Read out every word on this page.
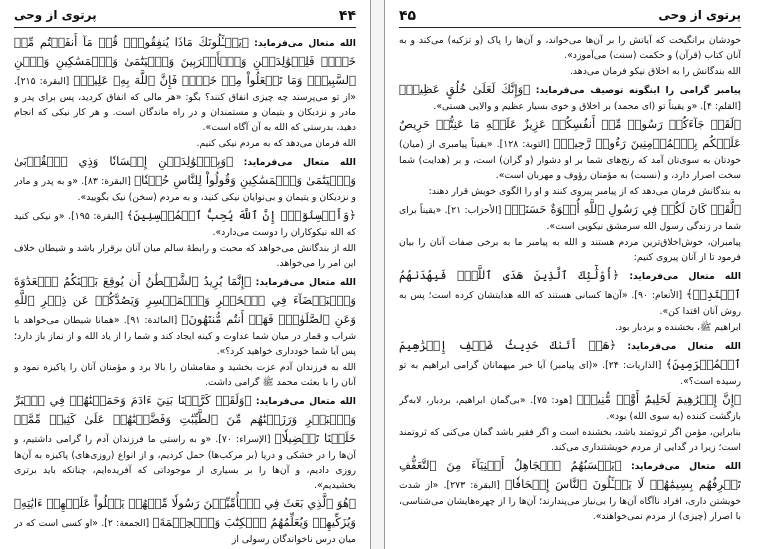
پرتوی از وحی	۴۴

الله متعال می‌فرماید: ﴿يَسۡـَٔلُونَكَ مَاذَا يُنفِقُونَۖ قُلۡ مَآ أَنفَقۡتُم مِّنۡ خَيۡرٖ فَلِلۡوَٰلِدَيۡنِ وَٱلۡأَقۡرَبِينَ وَٱلۡيَتَٰمَىٰ وَٱلۡمَسَٰكِينِ وَٱبۡنِ ٱلسَّبِيلِۗ وَمَا تَفۡعَلُواْ مِنۡ خَيۡرٖ فَإِنَّ ٱللَّهَ بِهِۦ عَلِيمٞ﴾ [البقرة: ۲۱۵]. «از تو می‌پرسند چه چیزی انفاق کنند؟ بگو: «هر مالی که انفاق کردید، پس برای پدر و مادر و نزدیکان و یتیمان و مستمندان و در راه ماندگان است. و هر کار نیکی که انجام دهید، بدرستی که الله به آن آگاه است».

الله فرمان می‌دهد که به مردم نیکی کنیم.

الله متعال می‌فرماید: ﴿وَبِٱلۡوَٰلِدَيۡنِ إِحۡسَانٗا وَذِي ٱلۡقُرۡبَىٰ وَٱلۡيَتَٰمَىٰ وَٱلۡمَسَٰكِينِ وَقُولُواْ لِلنَّاسِ حُسۡنٗا﴾ [البقرة: ۸۳]. «و به پدر و مادر و نزدیکان و یتیمان و بی‌نوایان نیکی کنید، و به مردم (سخن) نیک بگویید».

﴿وَأَحۡسِنُوٓاْۚ إِنَّ ٱللَّهَ يُحِبُّ ٱلۡمُحۡسِنِينَ﴾ [البقرة: ۱۹۵]. «و نیکی کنید که الله نیکوکاران را دوست می‌دارد».

الله از بندگانش می‌خواهد که محبت و رابطهٔ سالم میان آنان برقرار باشد و شیطان خلاف این امر را می‌خواهد.

الله متعال می‌فرماید: ﴿إِنَّمَا يُرِيدُ ٱلشَّيۡطَٰنُ أَن يُوقِعَ بَيۡنَكُمُ ٱلۡعَدَٰوَةَ وَٱلۡبَغۡضَآءَ فِي ٱلۡخَمۡرِ وَٱلۡمَيۡسِرِ وَيَصُدَّكُمۡ عَن ذِكۡرِ ٱللَّهِ وَعَنِ ٱلصَّلَوٰةِۖ فَهَلۡ أَنتُم مُّنتَهُونَ﴾ [المائدة: ۹۱]. «همانا شیطان می‌خواهد با شراب و قمار در میان شما عداوت و کینه ایجاد کند و شما را از یاد الله و از نماز باز دارد؛ پس آیا شما خودداری خواهید کرد؟».

الله به فرزندان آدم عزت بخشید و مقامشان را بالا برد و مؤمنان آنان را پاکیزه نمود و آنان را با بعثت محمد ﷺ گرامی داشت.

الله متعال می‌فرماید: ﴿وَلَقَدۡ كَرَّمۡنَا بَنِيٓ ءَادَمَ وَحَمَلۡنَٰهُمۡ فِي ٱلۡبَرِّ وَٱلۡبَحۡرِ وَرَزَقۡنَٰهُم مِّنَ ٱلطَّيِّبَٰتِ وَفَضَّلۡنَٰهُمۡ عَلَىٰ كَثِيرٖ مِّمَّنۡ خَلَقۡنَا تَفۡضِيلٗا﴾ [الإسراء: ۷۰]. «و به راستی ما فرزندان آدم را گرامی داشتیم، و آن‌ها را در خشکی و دریا (بر مرکب‌ها) حمل کردیم، و از انواع (روزی‌های) پاکیزه به آن‌ها روزی دادیم، و آن‌ها را بر بسیاری از موجوداتی که آفریده‌ایم، چنانکه باید برتری بخشیدیم».

﴿هُوَ ٱلَّذِي بَعَثَ فِي ٱلۡأُمِّيِّـۧنَ رَسُولٗا مِّنۡهُمۡ يَتۡلُواْ عَلَيۡهِمۡ ءَايَٰتِهِۦ وَيُزَكِّيهِمۡ وَيُعَلِّمُهُمُ ٱلۡكِتَٰبَ وَٱلۡحِكۡمَةَ﴾ [الجمعة: ۲]. «او کسی است که در میان درس ناخواندگان رسولی از

پرتوی از وحی
۴۵

خودشان برانگیخت که آیاتش را بر آن‌ها می‌خواند، و آن‌ها را پاک (و تزکیه) می‌کند و به آنان کتاب (قرآن) و حکمت (سنت) می‌آموزد».

الله بندگانش را به اخلاق نیکو فرمان می‌دهد.

پیامبر گرامی را اینگونه توصیف می‌فرماید: ﴿وَإِنَّكَ لَعَلَىٰ خُلُقٍ عَظِيمٖ﴾ [القلم: ۴]. «و یقیناً تو (ای محمد) بر اخلاق و خوی بسیار عظیم و والایی هستی».

﴿لَقَدۡ جَآءَكُمۡ رَسُولٞ مِّنۡ أَنفُسِكُمۡ عَزِيزٌ عَلَيۡهِ مَا عَنِتُّمۡ حَرِيصٌ عَلَيۡكُم بِٱلۡمُؤۡمِنِينَ رَءُوفٞ رَّحِيمٞ﴾ [التوبة: ۱۲۸]. «یقیناً پیامبری از (میان) خودتان به سوی‌تان آمد که رنج‌های شما بر او دشوار (و گران) است، و بر (هدایت) شما سخت اصرار دارد، و (نسبت) به مؤمنان رؤوف و مهربان است».

به بندگانش فرمان می‌دهد که از پیامبر پیروی کنند و او را الگوی خویش قرار دهند:

﴿لَّقَدۡ كَانَ لَكُمۡ فِي رَسُولِ ٱللَّهِ أُسۡوَةٌ حَسَنَةٞ﴾ [الأحزاب: ۲۱]. «یقیناً برای شما در زندگی رسول الله سرمشق نیکویی است».

پیامبران، خوش‌اخلاق‌ترین مردم هستند و الله به پیامبر ما به برخی صفات آنان را بیان فرمود تا از آنان پیروی کنیم:

الله متعال می‌فرماید: ﴿أُوْلَٰٓئِكَ ٱلَّذِينَ هَدَى ٱللَّهُۖ فَبِهُدَىٰهُمُ ٱقۡتَدِهۡ﴾ [الأنعام: ۹۰]. «آن‌ها کسانی هستند که الله هدایتشان کرده است؛ پس به روش آنان اقتدا کن».

ابراهیم ﷺ، بخشنده و بردبار بود.

الله متعال می‌فرماید: ﴿هَلۡ أَتَىٰكَ حَدِيثُ ضَيۡفِ إِبۡرَٰهِيمَ ٱلۡمُكۡرَمِينَ﴾ [الذاريات: ۲۴]. «(ای پیامبر) آیا خبر میهمانان گرامی ابراهیم به تو رسیده است؟».

﴿إِنَّ إِبۡرَٰهِيمَ لَحَلِيمٌ أَوَّٰهٞ مُّنِيبٞ﴾ [هود: ۷۵]. «بی‌گمان ابراهیم، بردبار، لابه‌گر بازگشت کننده (به سوی الله) بود».

بنابراین، مؤمن اگر ثروتمند باشد، بخشنده است و اگر فقیر باشد گمان می‌کنی که ثروتمند است؛ زیرا در گدایی از مردم خویشتنداری می‌کند.

الله متعال می‌فرماید: ﴿يَحۡسَبُهُمُ ٱلۡجَاهِلُ أَغۡنِيَآءَ مِنَ ٱلتَّعَفُّفِ تَعۡرِفُهُم بِسِيمَٰهُمۡ لَا يَسۡـَٔلُونَ ٱلنَّاسَ إِلۡحَافٗا﴾ [البقرة: ۲۷۳]. «از شدت خویشتن داری، افراد ناآگاه آن‌ها را بی‌نیاز می‌پندارند؛ آن‌ها را از چهره‌هایشان می‌شناسی، با اصرار (چیزی) از مردم نمی‌خواهند».
